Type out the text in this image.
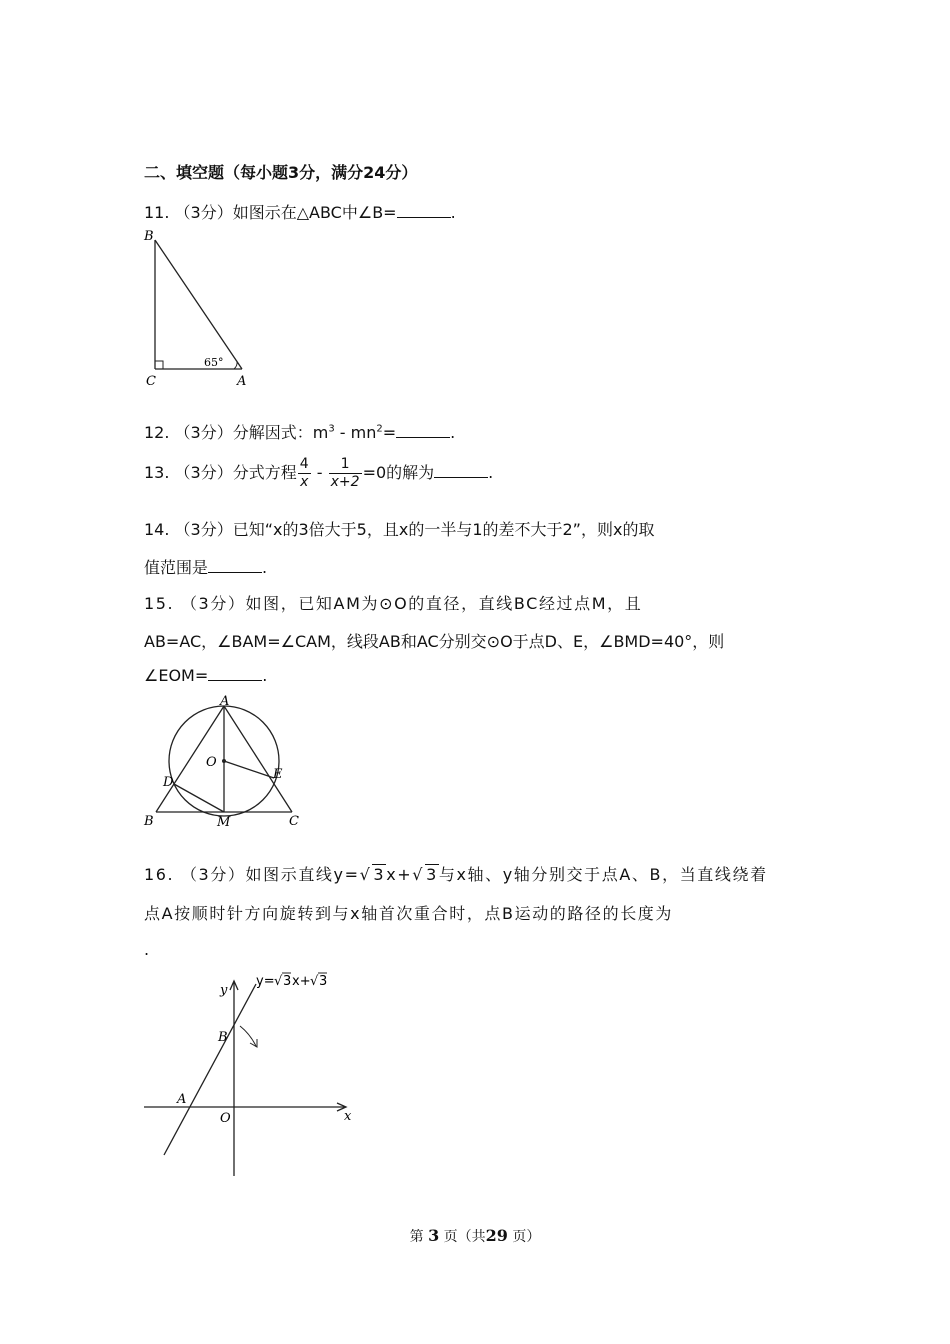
二、填空题（每小题3分，满分24分）
11. （3分）如图示在△ABC中∠B=	.
B
C	A
65°
12. （3分）分解因式：$m^3 - mn^2=$	.
13. （3分）分式方程 $\frac{4}{x} - \frac{1}{x+2} =0$的解为	.
14. （3分）已知“x的3倍大于5，且x的一半与1的差不大于2”，则x的取
值范围是	.
15. （3分）如图，已知AM为⊙O的直径，直线BC经过点M，且
AB=AC，∠BAM=∠CAM，线段AB和AC分别交⊙O于点D、E，∠BMD=40°，则
∠EOM=	.
A
O
D
E
B	M	C
16. （3分）如图示直线y=√ 3x+√ 3与x轴、y轴分别交于点A、B，当直线绕着
点A按顺时针方向旋转到与x轴首次重合时，点B运动的路径的长度为
.
y
x
B
A
O
y= √ 3 x+ √ 3
第 3 页（共29 页）
